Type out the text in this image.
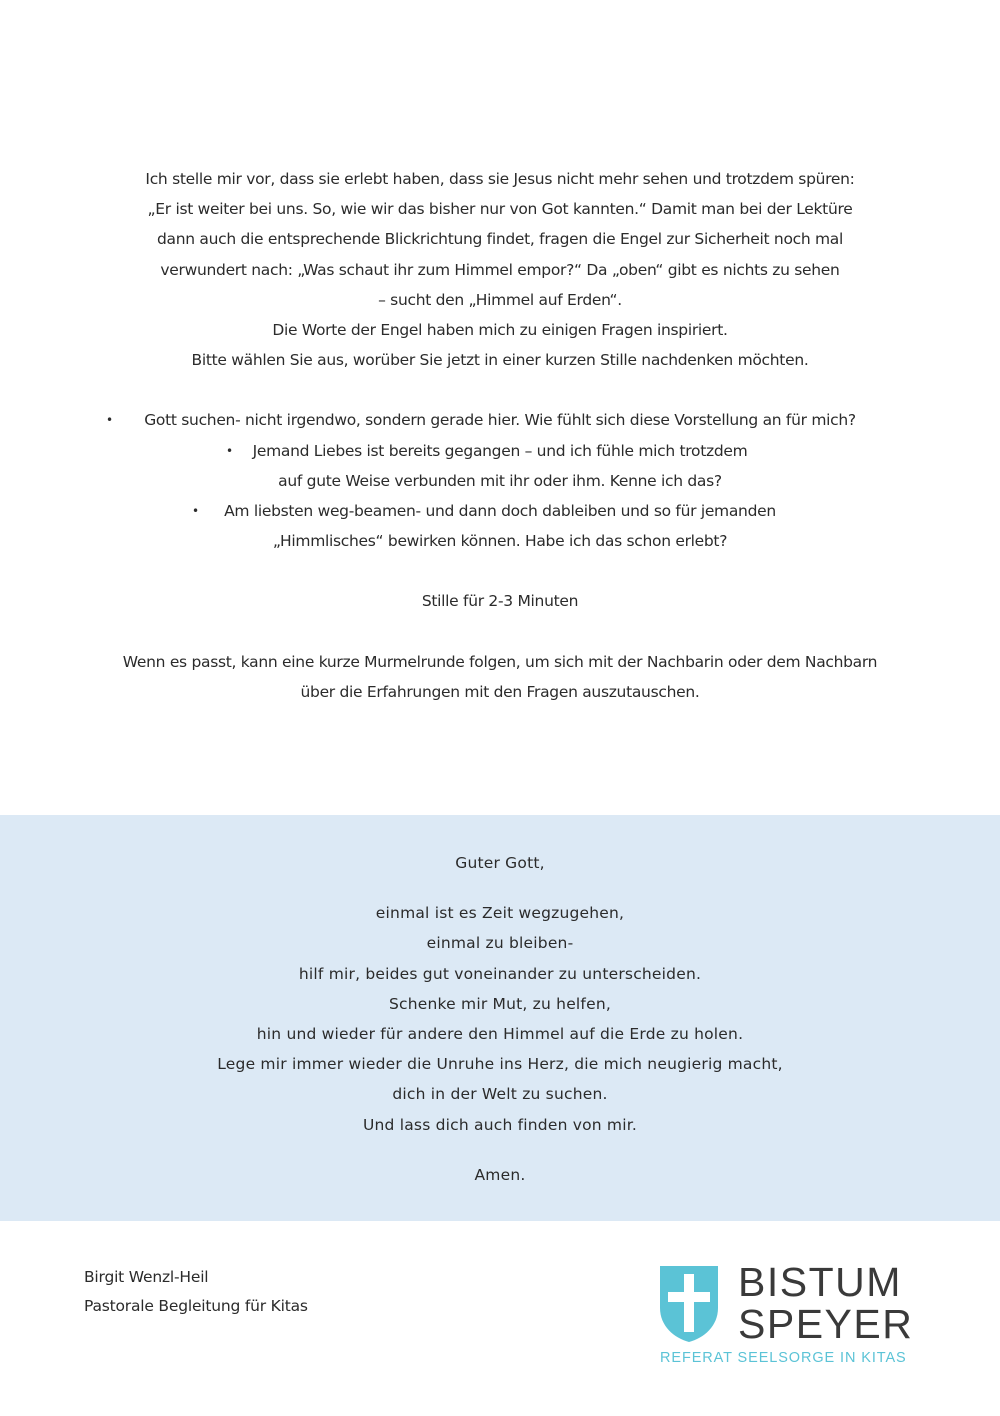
Ich stelle mir vor, dass sie erlebt haben, dass sie Jesus nicht mehr sehen und trotzdem spüren:

„Er ist weiter bei uns. So, wie wir das bisher nur von Got kannten.“ Damit man bei der Lektüre

dann auch die entsprechende Blickrichtung findet, fragen die Engel zur Sicherheit noch mal

verwundert nach: „Was schaut ihr zum Himmel empor?“ Da „oben“ gibt es nichts zu sehen

– sucht den „Himmel auf Erden“.

Die Worte der Engel haben mich zu einigen Fragen inspiriert.

Bitte wählen Sie aus, worüber Sie jetzt in einer kurzen Stille nachdenken möchten.

• Gott suchen- nicht irgendwo, sondern gerade hier. Wie fühlt sich diese Vorstellung an für mich?

• Jemand Liebes ist bereits gegangen – und ich fühle mich trotzdem

auf gute Weise verbunden mit ihr oder ihm. Kenne ich das?

• Am liebsten weg-beamen- und dann doch dableiben und so für jemanden

„Himmlisches“ bewirken können. Habe ich das schon erlebt?

Stille für 2-3 Minuten

Wenn es passt, kann eine kurze Murmelrunde folgen, um sich mit der Nachbarin oder dem Nachbarn

über die Erfahrungen mit den Fragen auszutauschen.

Guter Gott,

einmal ist es Zeit wegzugehen,

einmal zu bleiben-

hilf mir, beides gut voneinander zu unterscheiden.

Schenke mir Mut, zu helfen,

hin und wieder für andere den Himmel auf die Erde zu holen.

Lege mir immer wieder die Unruhe ins Herz, die mich neugierig macht,

dich in der Welt zu suchen.

Und lass dich auch finden von mir.

Amen.

Birgit Wenzl-Heil

Pastorale Begleitung für Kitas

BISTUM
SPEYER
REFERAT SEELSORGE IN KITAS
